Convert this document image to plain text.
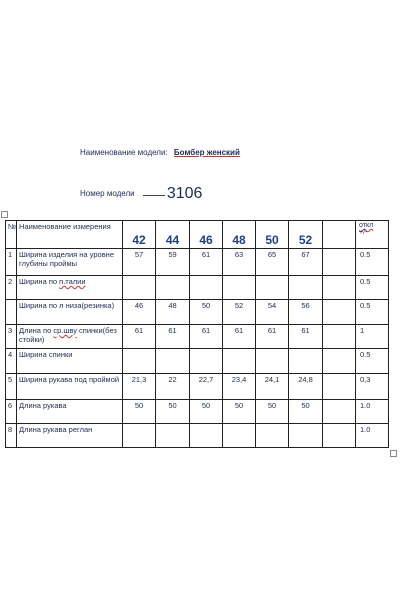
Наименование модели: Бомбер женский
Номер модели 3106
№	Наименование измерения	42	44	46	48	50	52		откл
+/-

1	Ширина изделия на уровне глубины проймы	57	59	61	63	65	67		0.5
2	Ширина по п.талии								0.5
	Ширина по л низа(резинка)	46	48	50	52	54	56		0.5
3	Длина по ср.шву спинки(без стойки)	61	61	61	61	61	61		1
4	Ширина спинки								0.5
5	Ширина рукава под проймой	21,3	22	22,7	23,4	24,1	24,8		0,3
6	Длина рукава	50	50	50	50	50	50		1.0
8	Длина рукава реглан								1.0
